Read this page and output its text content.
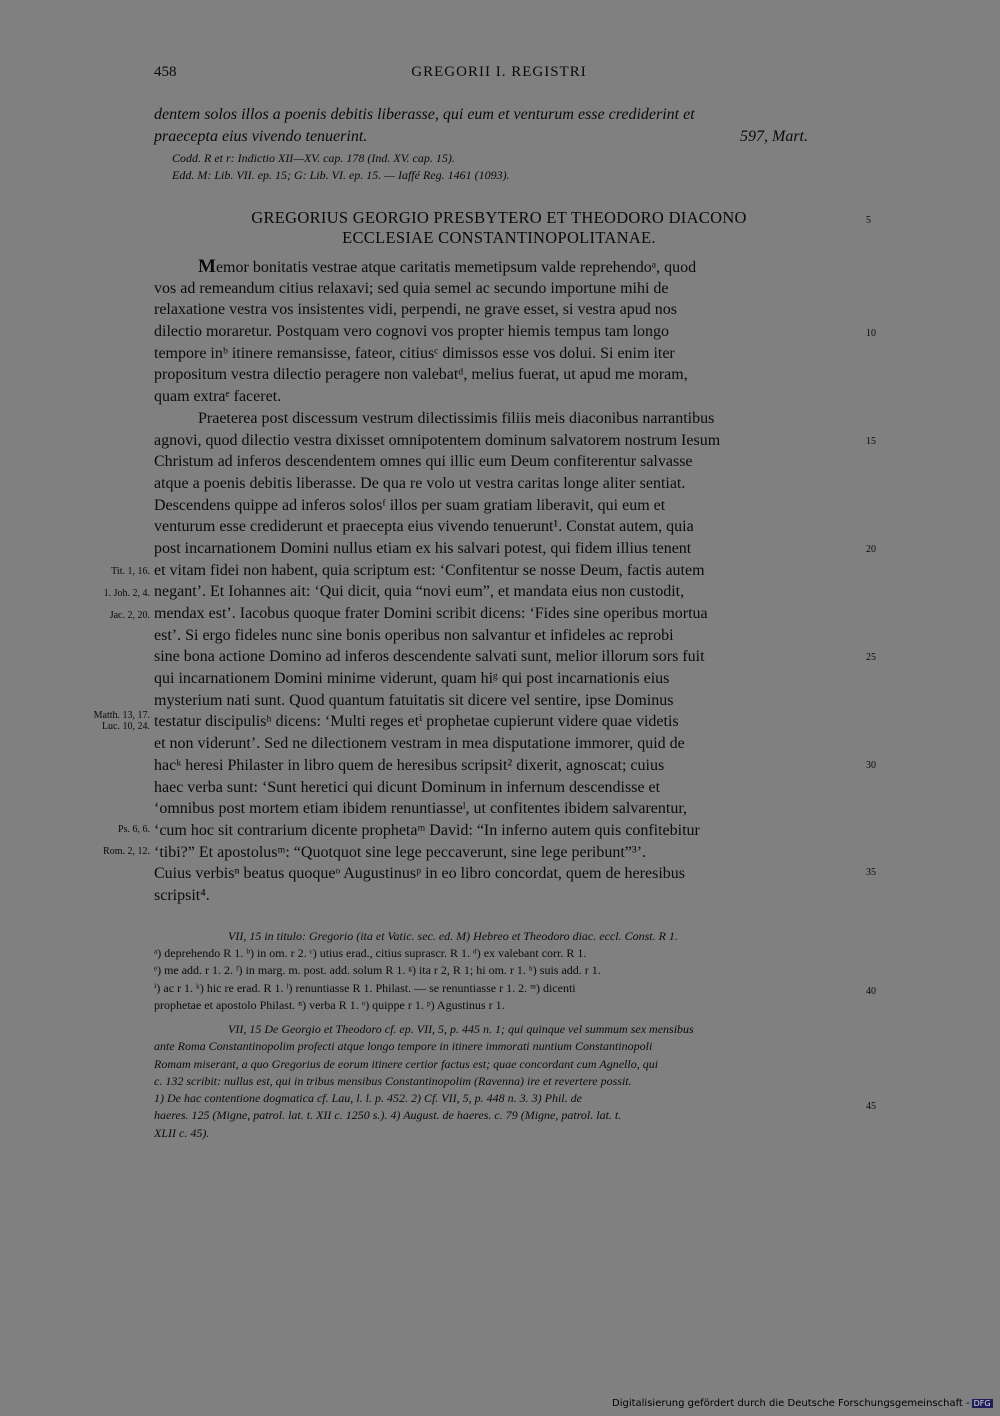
458	GREGORII I. REGISTRI
dentem solos illos a poenis debitis liberasse, qui eum et venturum esse crediderint et
praecepta eius vivendo tenuerint.	597, Mart.
Codd. R et r: Indictio XII—XV. cap. 178 (Ind. XV. cap. 15).
Edd. M: Lib. VII. ep. 15; G: Lib. VI. ep. 15. — Iaffé Reg. 1461 (1093).
GREGORIUS GEORGIO PRESBYTERO ET THEODORO DIACONO
ECCLESIAE CONSTANTINOPOLITANAE.
5
10
15
20
25
30
35
40
45
Tit. 1, 16.
1. Joh. 2, 4.
Jac. 2, 20.
Matth. 13, 17.
Luc. 10, 24.
Ps. 6, 6.
Rom. 2, 12.
Memor bonitatis vestrae atque caritatis memetipsum valde reprehendoᵃ, quod
vos ad remeandum citius relaxavi; sed quia semel ac secundo importune mihi de
relaxatione vestra vos insistentes vidi, perpendi, ne grave esset, si vestra apud nos
dilectio moraretur. Postquam vero cognovi vos propter hiemis tempus tam longo
tempore inᵇ itinere remansisse, fateor, citiusᶜ dimissos esse vos dolui. Si enim iter
propositum vestra dilectio peragere non valebatᵈ, melius fuerat, ut apud me moram,
quam extraᵉ faceret.
Praeterea post discessum vestrum dilectissimis filiis meis diaconibus narrantibus
agnovi, quod dilectio vestra dixisset omnipotentem dominum salvatorem nostrum Iesum
Christum ad inferos descendentem omnes qui illic eum Deum confiterentur salvasse
atque a poenis debitis liberasse. De qua re volo ut vestra caritas longe aliter sentiat.
Descendens quippe ad inferos solosᶠ illos per suam gratiam liberavit, qui eum et
venturum esse crediderunt et praecepta eius vivendo tenuerunt¹. Constat autem, quia
post incarnationem Domini nullus etiam ex his salvari potest, qui fidem illius tenent
et vitam fidei non habent, quia scriptum est: ‘Confitentur se nosse Deum, factis autem
negant’. Et Iohannes ait: ‘Qui dicit, quia “novi eum”, et mandata eius non custodit,
mendax est’. Iacobus quoque frater Domini scribit dicens: ‘Fides sine operibus mortua
est’. Si ergo fideles nunc sine bonis operibus non salvantur et infideles ac reprobi
sine bona actione Domino ad inferos descendente salvati sunt, melior illorum sors fuit
qui incarnationem Domini minime viderunt, quam hiᵍ qui post incarnationis eius
mysterium nati sunt. Quod quantum fatuitatis sit dicere vel sentire, ipse Dominus
testatur discipulisʰ dicens: ‘Multi reges etⁱ prophetae cupierunt videre quae videtis
et non viderunt’. Sed ne dilectionem vestram in mea disputatione immorer, quid de
hacᵏ heresi Philaster in libro quem de heresibus scripsit² dixerit, agnoscat; cuius
haec verba sunt: ‘Sunt heretici qui dicunt Dominum in infernum descendisse et
‘omnibus post mortem etiam ibidem renuntiasseˡ, ut confitentes ibidem salvarentur,
‘cum hoc sit contrarium dicente prophetaᵐ David: “In inferno autem quis confitebitur
‘tibi?” Et apostolusᵐ: “Quotquot sine lege peccaverunt, sine lege peribunt”³’.
Cuius verbisⁿ beatus quoqueᵒ Augustinusᵖ in eo libro concordat, quem de heresibus
scripsit⁴.
VII, 15 in titulo: Gregorio (ita et Vatic. sec. ed. M) Hebreo et Theodoro diac. eccl. Const. R 1.
ᵃ) deprehendo R 1. ᵇ) in om. r 2. ᶜ) utius erad., citius suprascr. R 1. ᵈ) ex valebant corr. R 1.
ᵉ) me add. r 1. 2. ᶠ) in marg. m. post. add. solum R 1. ᵍ) ita r 2, R 1; hi om. r 1. ʰ) suis add. r 1.
ⁱ) ac r 1. ᵏ) hic re erad. R 1. ˡ) renuntiasse R 1. Philast. — se renuntiasse r 1. 2. ᵐ) dicenti
prophetae et apostolo Philast. ⁿ) verba R 1. ᵒ) quippe r 1. ᵖ) Agustinus r 1.
VII, 15 De Georgio et Theodoro cf. ep. VII, 5, p. 445 n. 1; qui quinque vel summum sex mensibus
ante Roma Constantinopolim profecti atque longo tempore in itinere immorati nuntium Constantinopoli
Romam miserant, a quo Gregorius de eorum itinere certior factus est; quae concordant cum Agnello, qui
c. 132 scribit: nullus est, qui in tribus mensibus Constantinopolim (Ravenna) ire et revertere possit.
1) De hac contentione dogmatica cf. Lau, l. l. p. 452. 2) Cf. VII, 5, p. 448 n. 3. 3) Phil. de
haeres. 125 (Migne, patrol. lat. t. XII c. 1250 s.). 4) August. de haeres. c. 79 (Migne, patrol. lat. t.
XLII c. 45).
Digitalisierung gefördert durch die Deutsche Forschungsgemeinschaft - DFG
